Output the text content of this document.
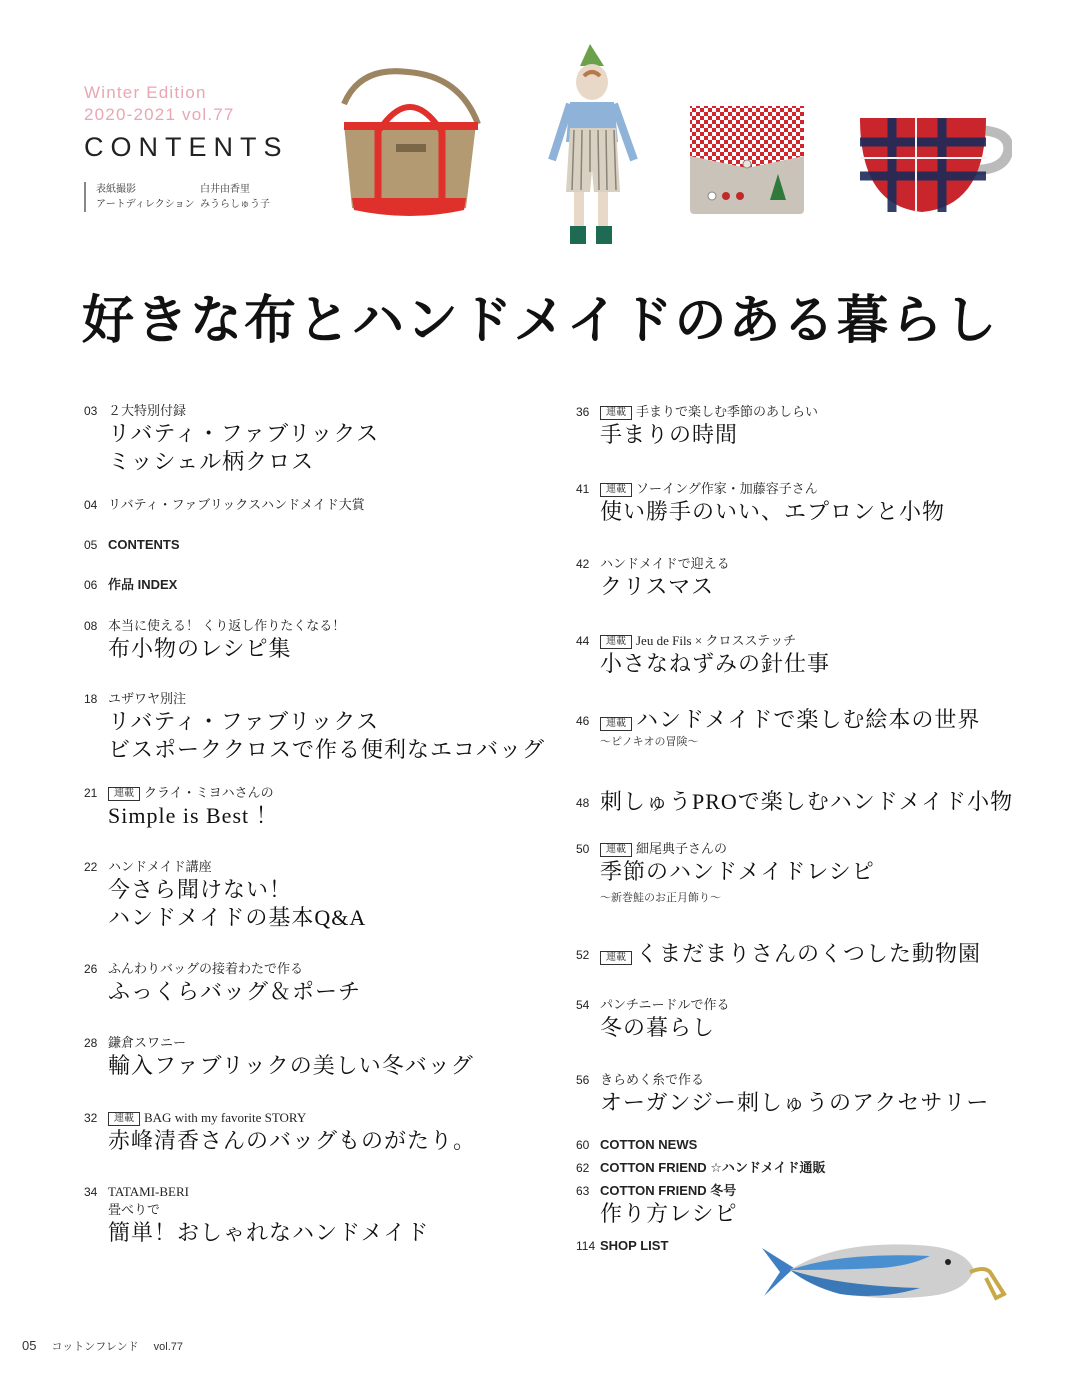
Winter Edition
2020-2021 vol.77
CONTENTS
表紙撮影	白井由香里
アートディレクション みうらしゅう子
好きな布とハンドメイドのある暮らし
03 ２大特別付録
リバティ・ファブリックス
ミッシェル柄クロス
04 リバティ・ファブリックスハンドメイド大賞
05 CONTENTS
06 作品 INDEX
08 本当に使える！ くり返し作りたくなる！
布小物のレシピ集
18 ユザワヤ別注
リバティ・ファブリックス
ビスポーククロスで作る便利なエコバッグ
21	連載 クライ・ミヨハさんの
Simple is Best ！
22 ハンドメイド講座
今さら聞けない！
ハンドメイドの基本Q&A
26 ふんわりバッグの接着わたで作る
ふっくらバッグ＆ポーチ
28 鎌倉スワニー
輸入ファブリックの美しい冬バッグ
32	連載 BAG with my favorite STORY
赤峰清香さんのバッグものがたり。
34 TATAMI-BERI
畳べりで
簡単！おしゃれなハンドメイド
36	連載 手まりで楽しむ季節のあしらい
手まりの時間
41	連載 ソーイング作家・加藤容子さん
使い勝手のいい、エプロンと小物
42 ハンドメイドで迎える
クリスマス
44	連載 Jeu de Fils × クロスステッチ
小さなねずみの針仕事
46	連載 ハンドメイドで楽しむ絵本の世界
〜ピノキオの冒険〜
48 刺しゅうPROで楽しむハンドメイド小物
50	連載 細尾典子さんの
季節のハンドメイドレシピ
〜新巻鮭のお正月飾り〜
52	連載 くまだまりさんのくつした動物園
54 パンチニードルで作る
冬の暮らし
56 きらめく糸で作る
オーガンジー刺しゅうのアクセサリー
60 COTTON NEWS
62 COTTON FRIEND ☆ハンドメイド通販
63 COTTON FRIEND 冬号
作り方レシピ
114 SHOP LIST
05 コットンフレンド vol.77
